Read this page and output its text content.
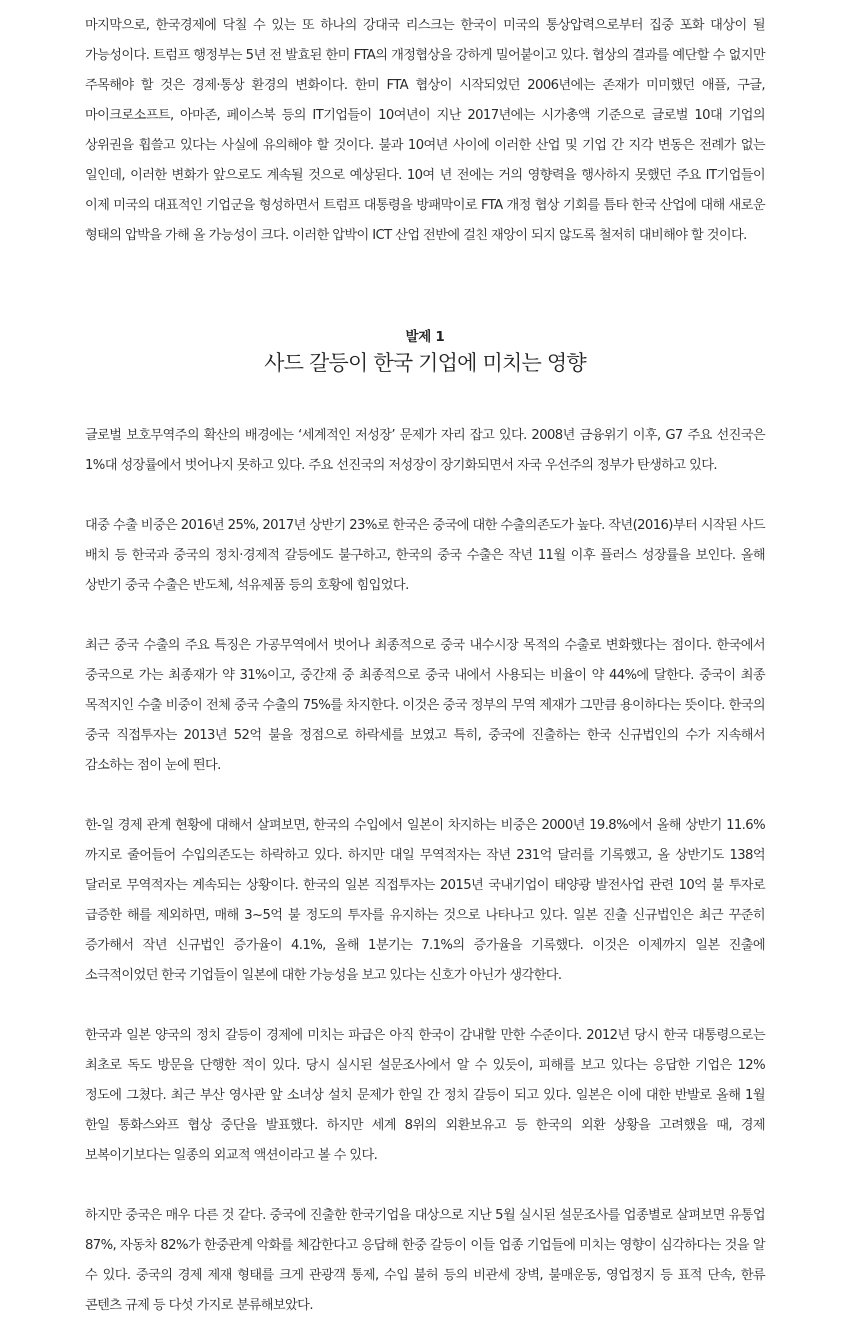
마지막으로, 한국경제에 닥칠 수 있는 또 하나의 강대국 리스크는 한국이 미국의 통상압력으로부터 집중 포화 대상이 될 가능성이다. 트럼프 행정부는 5년 전 발효된 한미 FTA의 개정협상을 강하게 밀어붙이고 있다. 협상의 결과를 예단할 수 없지만 주목해야 할 것은 경제·통상 환경의 변화이다. 한미 FTA 협상이 시작되었던 2006년에는 존재가 미미했던 애플, 구글, 마이크로소프트, 아마존, 페이스북 등의 IT기업들이 10여년이 지난 2017년에는 시가총액 기준으로 글로벌 10대 기업의 상위권을 휩쓸고 있다는 사실에 유의해야 할 것이다. 불과 10여년 사이에 이러한 산업 및 기업 간 지각 변동은 전례가 없는 일인데, 이러한 변화가 앞으로도 계속될 것으로 예상된다. 10여 년 전에는 거의 영향력을 행사하지 못했던 주요 IT기업들이 이제 미국의 대표적인 기업군을 형성하면서 트럼프 대통령을 방패막이로 FTA 개정 협상 기회를 틈타 한국 산업에 대해 새로운 형태의 압박을 가해 올 가능성이 크다. 이러한 압박이 ICT 산업 전반에 걸친 재앙이 되지 않도록 철저히 대비해야 할 것이다.

발제 1
사드 갈등이 한국 기업에 미치는 영향

글로벌 보호무역주의 확산의 배경에는 ‘세계적인 저성장’ 문제가 자리 잡고 있다. 2008년 금융위기 이후, G7 주요 선진국은 1%대 성장률에서 벗어나지 못하고 있다. 주요 선진국의 저성장이 장기화되면서 자국 우선주의 정부가 탄생하고 있다.

대중 수출 비중은 2016년 25%, 2017년 상반기 23%로 한국은 중국에 대한 수출의존도가 높다. 작년(2016)부터 시작된 사드 배치 등 한국과 중국의 정치·경제적 갈등에도 불구하고, 한국의 중국 수출은 작년 11월 이후 플러스 성장률을 보인다. 올해 상반기 중국 수출은 반도체, 석유제품 등의 호황에 힘입었다.

최근 중국 수출의 주요 특징은 가공무역에서 벗어나 최종적으로 중국 내수시장 목적의 수출로 변화했다는 점이다. 한국에서 중국으로 가는 최종재가 약 31%이고, 중간재 중 최종적으로 중국 내에서 사용되는 비율이 약 44%에 달한다. 중국이 최종 목적지인 수출 비중이 전체 중국 수출의 75%를 차지한다. 이것은 중국 정부의 무역 제재가 그만큼 용이하다는 뜻이다. 한국의 중국 직접투자는 2013년 52억 불을 정점으로 하락세를 보였고 특히, 중국에 진출하는 한국 신규법인의 수가 지속해서 감소하는 점이 눈에 띈다.

한-일 경제 관계 현황에 대해서 살펴보면, 한국의 수입에서 일본이 차지하는 비중은 2000년 19.8%에서 올해 상반기 11.6%까지로 줄어들어 수입의존도는 하락하고 있다. 하지만 대일 무역적자는 작년 231억 달러를 기록했고, 올 상반기도 138억 달러로 무역적자는 계속되는 상황이다. 한국의 일본 직접투자는 2015년 국내기업이 태양광 발전사업 관련 10억 불 투자로 급증한 해를 제외하면, 매해 3~5억 불 정도의 투자를 유지하는 것으로 나타나고 있다. 일본 진출 신규법인은 최근 꾸준히 증가해서 작년 신규법인 증가율이 4.1%, 올해 1분기는 7.1%의 증가율을 기록했다. 이것은 이제까지 일본 진출에 소극적이었던 한국 기업들이 일본에 대한 가능성을 보고 있다는 신호가 아닌가 생각한다.

한국과 일본 양국의 정치 갈등이 경제에 미치는 파급은 아직 한국이 감내할 만한 수준이다. 2012년 당시 한국 대통령으로는 최초로 독도 방문을 단행한 적이 있다. 당시 실시된 설문조사에서 알 수 있듯이, 피해를 보고 있다는 응답한 기업은 12% 정도에 그쳤다. 최근 부산 영사관 앞 소녀상 설치 문제가 한일 간 정치 갈등이 되고 있다. 일본은 이에 대한 반발로 올해 1월 한일 통화스와프 협상 중단을 발표했다. 하지만 세계 8위의 외환보유고 등 한국의 외환 상황을 고려했을 때, 경제 보복이기보다는 일종의 외교적 액션이라고 볼 수 있다.

하지만 중국은 매우 다른 것 같다. 중국에 진출한 한국기업을 대상으로 지난 5월 실시된 설문조사를 업종별로 살펴보면 유통업 87%, 자동차 82%가 한중관계 악화를 체감한다고 응답해 한중 갈등이 이들 업종 기업들에 미치는 영향이 심각하다는 것을 알 수 있다. 중국의 경제 제재 형태를 크게 관광객 통제, 수입 불허 등의 비관세 장벽, 불매운동, 영업정지 등 표적 단속, 한류 콘텐츠 규제 등 다섯 가지로 분류해보았다.
